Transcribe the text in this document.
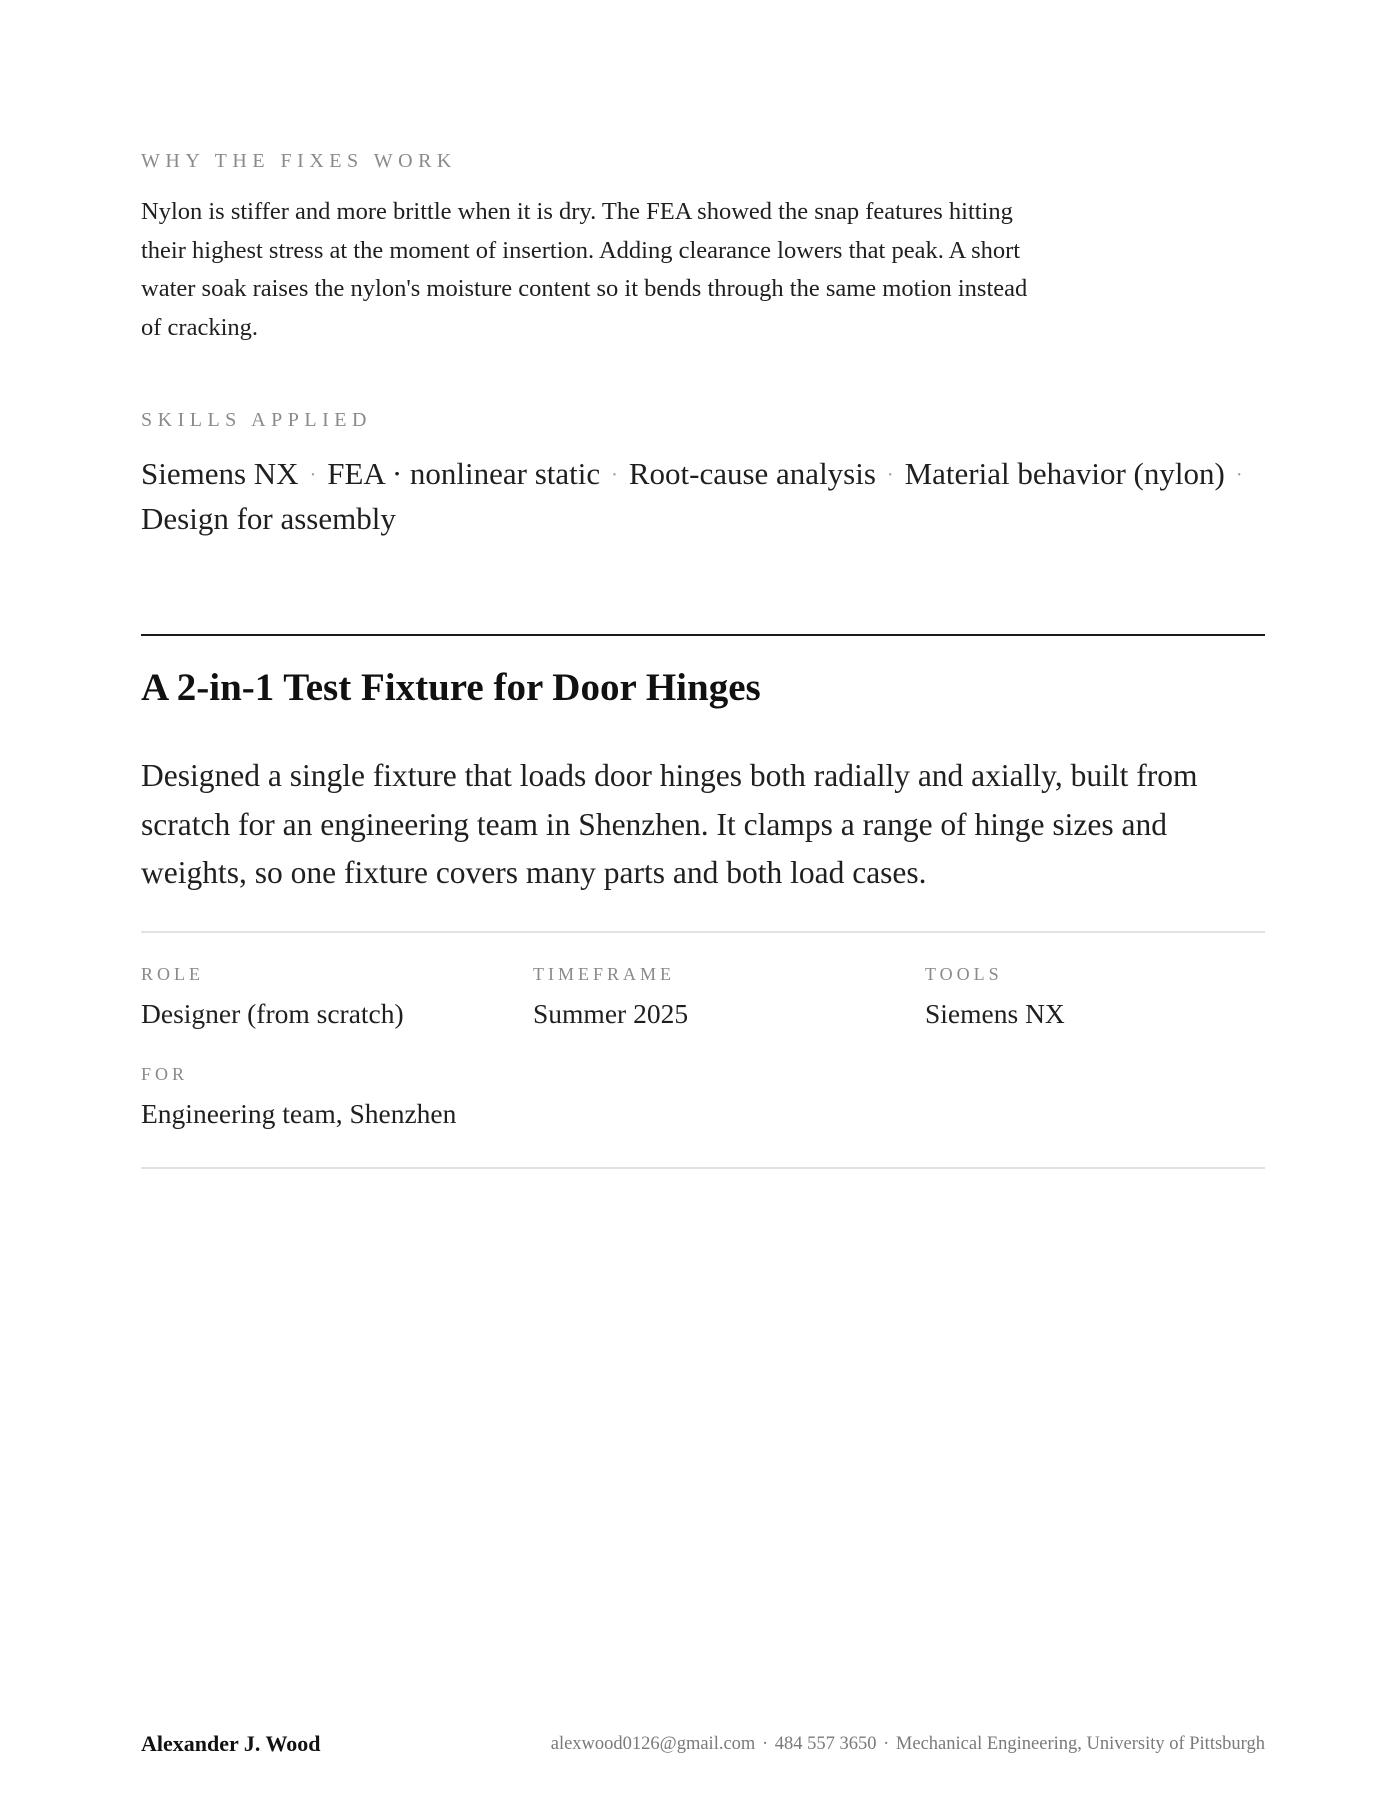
WHY THE FIXES WORK
Nylon is stiffer and more brittle when it is dry. The FEA showed the snap features hitting their highest stress at the moment of insertion. Adding clearance lowers that peak. A short water soak raises the nylon's moisture content so it bends through the same motion instead of cracking.
SKILLS APPLIED
Siemens NX · FEA · nonlinear static · Root-cause analysis · Material behavior (nylon) ·
Design for assembly
A 2-in-1 Test Fixture for Door Hinges

Designed a single fixture that loads door hinges both radially and axially, built from scratch for an engineering team in Shenzhen. It clamps a range of hinge sizes and weights, so one fixture covers many parts and both load cases.

ROLE
Designer (from scratch)
TIMEFRAME
Summer 2025
TOOLS
Siemens NX
FOR
Engineering team, Shenzhen
Alexander J. Wood	alexwood0126@gmail.com · 484 557 3650 · Mechanical Engineering, University of Pittsburgh
